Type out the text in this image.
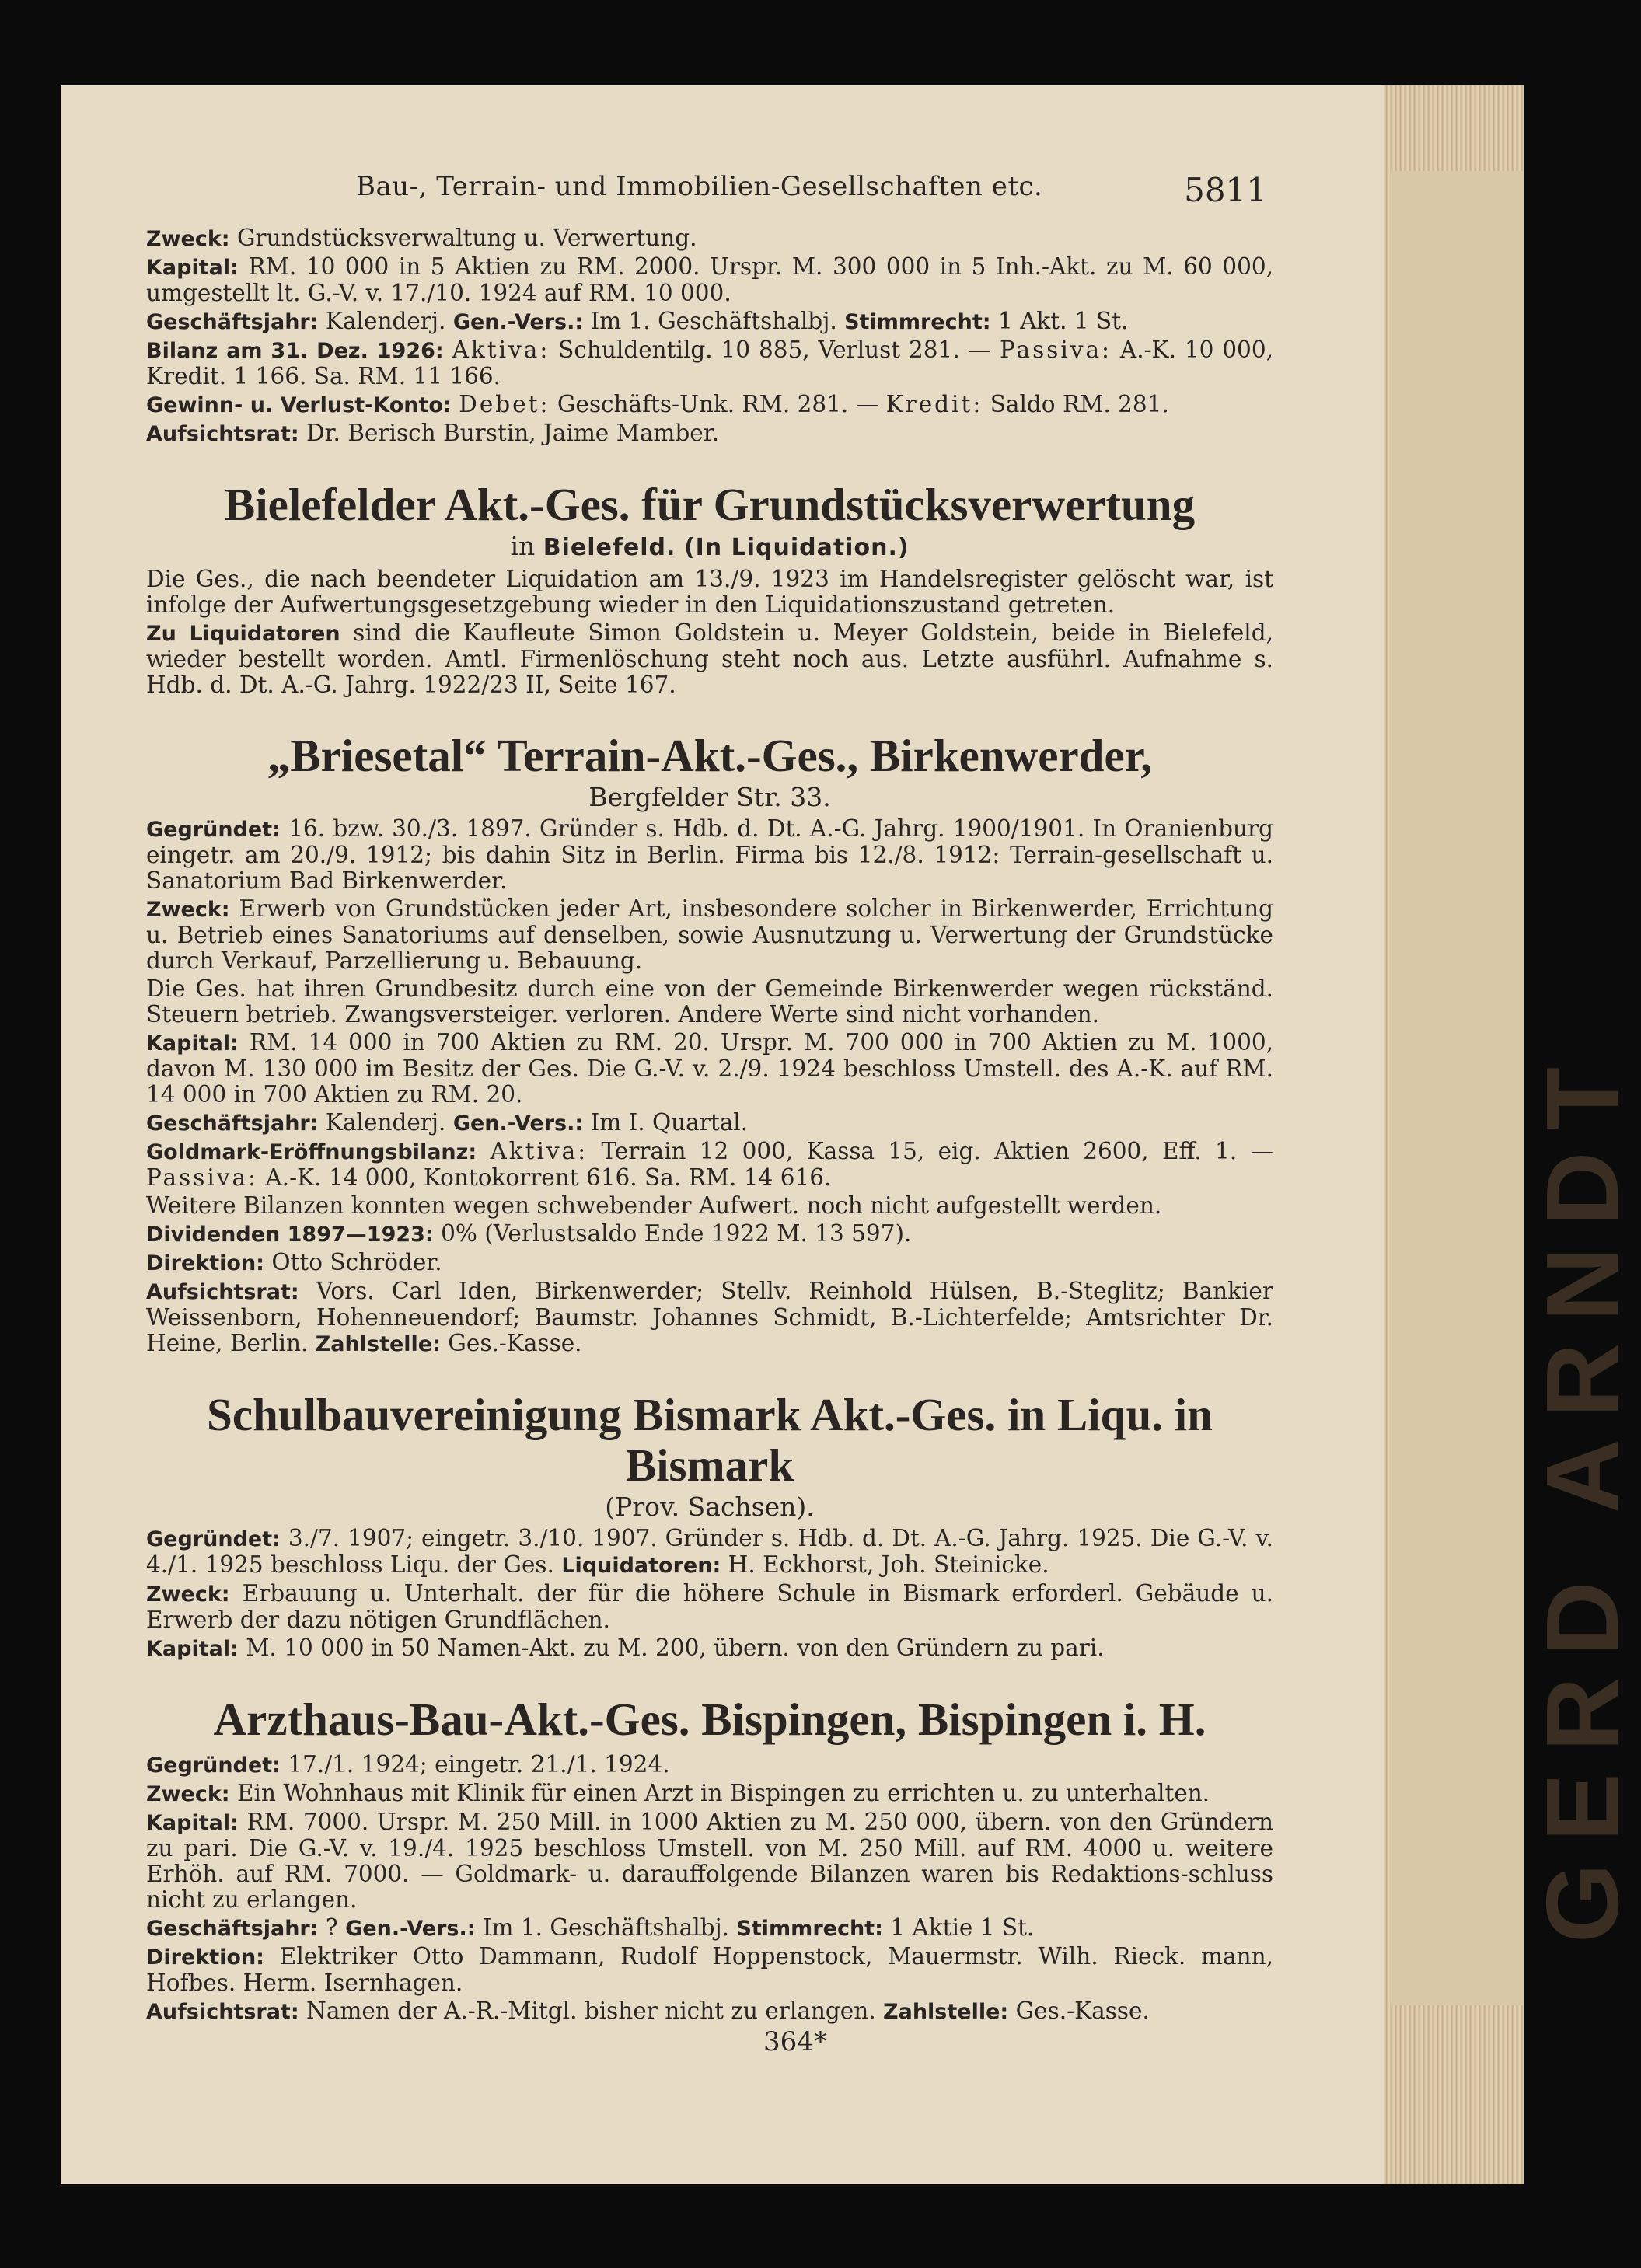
GERD ARNDT
Bau-, Terrain- und Immobilien-Gesellschaften etc.	5811

Zweck: Grundstücksverwaltung u. Verwertung.

Kapital: RM. 10 000 in 5 Aktien zu RM. 2000. Urspr. M. 300 000 in 5 Inh.-Akt. zu M. 60 000, umgestellt lt. G.-V. v. 17./10. 1924 auf RM. 10 000.

Geschäftsjahr: Kalenderj. Gen.-Vers.: Im 1. Geschäftshalbj. Stimmrecht: 1 Akt. 1 St.

Bilanz am 31. Dez. 1926: Aktiva: Schuldentilg. 10 885, Verlust 281. — Passiva: A.-K. 10 000, Kredit. 1 166. Sa. RM. 11 166.

Gewinn- u. Verlust-Konto: Debet: Geschäfts-Unk. RM. 281. — Kredit: Saldo RM. 281.

Aufsichtsrat: Dr. Berisch Burstin, Jaime Mamber.

Bielefelder Akt.-Ges. für Grundstücksverwertung
in Bielefeld. (In Liquidation.)

Die Ges., die nach beendeter Liquidation am 13./9. 1923 im Handelsregister gelöscht war, ist infolge der Aufwertungsgesetzgebung wieder in den Liquidationszustand getreten.

Zu Liquidatoren sind die Kaufleute Simon Goldstein u. Meyer Goldstein, beide in Bielefeld, wieder bestellt worden. Amtl. Firmenlöschung steht noch aus. Letzte ausführl. Aufnahme s. Hdb. d. Dt. A.-G. Jahrg. 1922/23 II, Seite 167.

„Briesetal“ Terrain-Akt.-Ges., Birkenwerder,
Bergfelder Str. 33.

Gegründet: 16. bzw. 30./3. 1897. Gründer s. Hdb. d. Dt. A.-G. Jahrg. 1900/1901. In Oranienburg eingetr. am 20./9. 1912; bis dahin Sitz in Berlin. Firma bis 12./8. 1912: Terrain-gesellschaft u. Sanatorium Bad Birkenwerder.

Zweck: Erwerb von Grundstücken jeder Art, insbesondere solcher in Birkenwerder, Errichtung u. Betrieb eines Sanatoriums auf denselben, sowie Ausnutzung u. Verwertung der Grundstücke durch Verkauf, Parzellierung u. Bebauung.

Die Ges. hat ihren Grundbesitz durch eine von der Gemeinde Birkenwerder wegen rückständ. Steuern betrieb. Zwangsversteiger. verloren. Andere Werte sind nicht vorhanden.

Kapital: RM. 14 000 in 700 Aktien zu RM. 20. Urspr. M. 700 000 in 700 Aktien zu M. 1000, davon M. 130 000 im Besitz der Ges. Die G.-V. v. 2./9. 1924 beschloss Umstell. des A.-K. auf RM. 14 000 in 700 Aktien zu RM. 20.

Geschäftsjahr: Kalenderj. Gen.-Vers.: Im I. Quartal.

Goldmark-Eröffnungsbilanz: Aktiva: Terrain 12 000, Kassa 15, eig. Aktien 2600, Eff. 1. — Passiva: A.-K. 14 000, Kontokorrent 616. Sa. RM. 14 616.

Weitere Bilanzen konnten wegen schwebender Aufwert. noch nicht aufgestellt werden.

Dividenden 1897—1923: 0% (Verlustsaldo Ende 1922 M. 13 597).

Direktion: Otto Schröder.

Aufsichtsrat: Vors. Carl Iden, Birkenwerder; Stellv. Reinhold Hülsen, B.-Steglitz; Bankier Weissenborn, Hohenneuendorf; Baumstr. Johannes Schmidt, B.-Lichterfelde; Amtsrichter Dr. Heine, Berlin. Zahlstelle: Ges.-Kasse.

Schulbauvereinigung Bismark Akt.-Ges. in Liqu. in Bismark
(Prov. Sachsen).

Gegründet: 3./7. 1907; eingetr. 3./10. 1907. Gründer s. Hdb. d. Dt. A.-G. Jahrg. 1925. Die G.-V. v. 4./1. 1925 beschloss Liqu. der Ges. Liquidatoren: H. Eckhorst, Joh. Steinicke.

Zweck: Erbauung u. Unterhalt. der für die höhere Schule in Bismark erforderl. Gebäude u. Erwerb der dazu nötigen Grundflächen.

Kapital: M. 10 000 in 50 Namen-Akt. zu M. 200, übern. von den Gründern zu pari.

Arzthaus-Bau-Akt.-Ges. Bispingen, Bispingen i. H.

Gegründet: 17./1. 1924; eingetr. 21./1. 1924.

Zweck: Ein Wohnhaus mit Klinik für einen Arzt in Bispingen zu errichten u. zu unterhalten.

Kapital: RM. 7000. Urspr. M. 250 Mill. in 1000 Aktien zu M. 250 000, übern. von den Gründern zu pari. Die G.-V. v. 19./4. 1925 beschloss Umstell. von M. 250 Mill. auf RM. 4000 u. weitere Erhöh. auf RM. 7000. — Goldmark- u. darauffolgende Bilanzen waren bis Redaktions-schluss nicht zu erlangen.

Geschäftsjahr: ? Gen.-Vers.: Im 1. Geschäftshalbj. Stimmrecht: 1 Aktie 1 St.

Direktion: Elektriker Otto Dammann, Rudolf Hoppenstock, Mauermstr. Wilh. Rieck. mann, Hofbes. Herm. Isernhagen.

Aufsichtsrat: Namen der A.-R.-Mitgl. bisher nicht zu erlangen. Zahlstelle: Ges.-Kasse.

364*
